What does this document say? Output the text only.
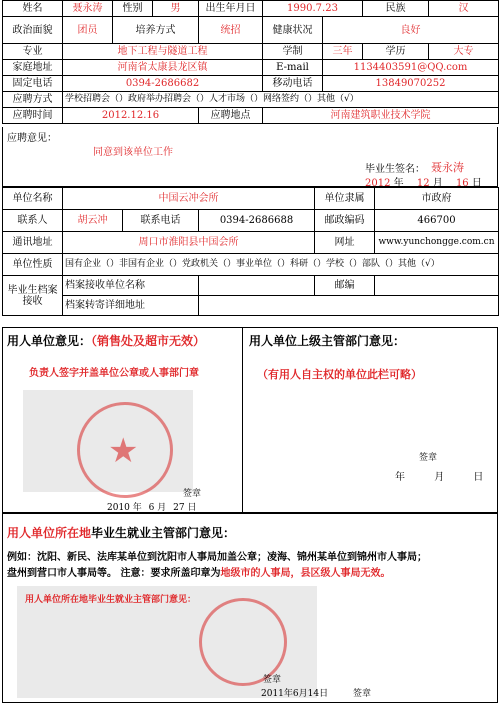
姓名	聂永涛	性别	男	出生年月日	1990.7.23		民族	汉
政治面貌	团员	培养方式		统招	健康状况	良好		
专业	地下工程与隧道工程				学制	三年	学历	大专
家庭地址	河南省太康县龙区镇				E-mail	1134403591@QQ.com		
固定电话	0394-2686682				移动电话	13849070252		
应聘方式	学校招聘会（）政府举办招聘会（）人才市场（）网络签约（）其他（√）							
应聘时间	2012.12.16			应聘地点	河南建筑职业技术学院			
应聘意见：
同意到该单位工作
毕业生签名： 聂永涛
2012 年 12 月 16 日
单位名称	中国云冲会所			单位隶属	市政府
联系人	胡云冲	联系电话	0394-2686688	邮政编码	466700
通讯地址	周口市淮阳县中国会所			网址	www.yunchongge.com.cn
单位性质	国有企业（）非国有企业（）党政机关（）事业单位（）科研（）学校（）部队（）其他（√）				
毕业生档案接收	档案接收单位名称			邮编	
	档案转寄详细地址				
用人单位意见：（销售处及超市无效）
负责人签字并盖单位公章或人事部门章
★
签章
2010 年 6 月 27 日
用人单位上级主管部门意见：
（有用人自主权的单位此栏可略）
签章
年	月	日
用人单位所在地毕业生就业主管部门意见：
例如：沈阳、新民、法库某单位到沈阳市人事局加盖公章；凌海、锦州某单位到锦州市人事局；
盘州到营口市人事局等。 注意：要求所盖印章为地级市的人事局，县区级人事局无效。
用人单位所在地毕业生就业主管部门意见：
签章
2011年6月14日	签章
